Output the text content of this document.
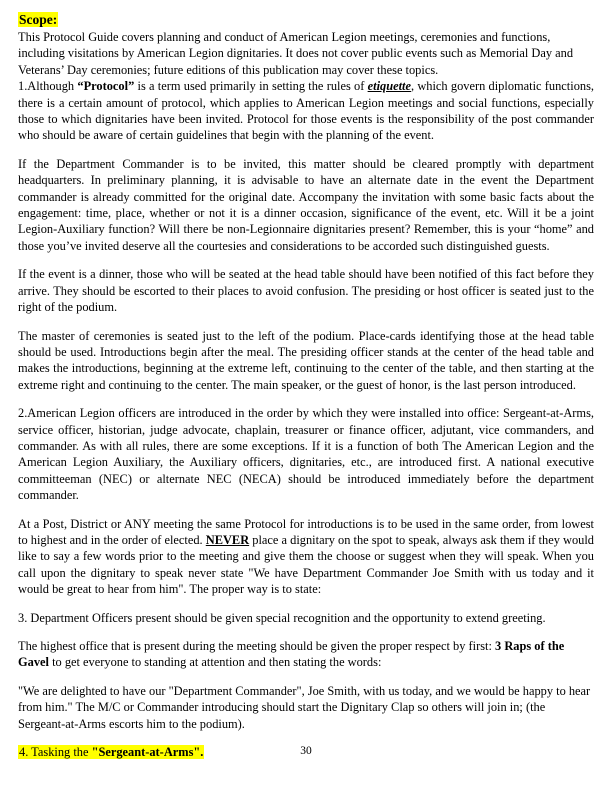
Scope:

This Protocol Guide covers planning and conduct of American Legion meetings, ceremonies and functions, including visitations by American Legion dignitaries. It does not cover public events such as Memorial Day and Veterans’ Day ceremonies; future editions of this publication may cover these topics.

1.Although “Protocol” is a term used primarily in setting the rules of etiquette, which govern diplomatic functions, there is a certain amount of protocol, which applies to American Legion meetings and social functions, especially those to which dignitaries have been invited. Protocol for those events is the responsibility of the post commander who should be aware of certain guidelines that begin with the planning of the event.

If the Department Commander is to be invited, this matter should be cleared promptly with department headquarters. In preliminary planning, it is advisable to have an alternate date in the event the Department commander is already committed for the original date. Accompany the invitation with some basic facts about the engagement: time, place, whether or not it is a dinner occasion, significance of the event, etc. Will it be a joint Legion-Auxiliary function? Will there be non-Legionnaire dignitaries present? Remember, this is your “home” and those you’ve invited deserve all the courtesies and considerations to be accorded such distinguished guests.

If the event is a dinner, those who will be seated at the head table should have been notified of this fact before they arrive. They should be escorted to their places to avoid confusion. The presiding or host officer is seated just to the right of the podium.

The master of ceremonies is seated just to the left of the podium. Place-cards identifying those at the head table should be used. Introductions begin after the meal. The presiding officer stands at the center of the head table and makes the introductions, beginning at the extreme left, continuing to the center of the table, and then starting at the extreme right and continuing to the center. The main speaker, or the guest of honor, is the last person introduced.

2.American Legion officers are introduced in the order by which they were installed into office: Sergeant-at-Arms, service officer, historian, judge advocate, chaplain, treasurer or finance officer, adjutant, vice commanders, and commander. As with all rules, there are some exceptions. If it is a function of both The American Legion and the American Legion Auxiliary, the Auxiliary officers, dignitaries, etc., are introduced first. A national executive committeeman (NEC) or alternate NEC (NECA) should be introduced immediately before the department commander.

At a Post, District or ANY meeting the same Protocol for introductions is to be used in the same order, from lowest to highest and in the order of elected. NEVER place a dignitary on the spot to speak, always ask them if they would like to say a few words prior to the meeting and give them the choose or suggest when they will speak. When you call upon the dignitary to speak never state "We have Department Commander Joe Smith with us today and it would be great to hear from him". The proper way is to state:

3. Department Officers present should be given special recognition and the opportunity to extend greeting.

The highest office that is present during the meeting should be given the proper respect by first: 3 Raps of the Gavel to get everyone to standing at attention and then stating the words:

"We are delighted to have our "Department Commander", Joe Smith, with us today, and we would be happy to hear from him." The M/C or Commander introducing should start the Dignitary Clap so others will join in; (the Sergeant-at-Arms escorts him to the podium).

4. Tasking the "Sergeant-at-Arms".	30
